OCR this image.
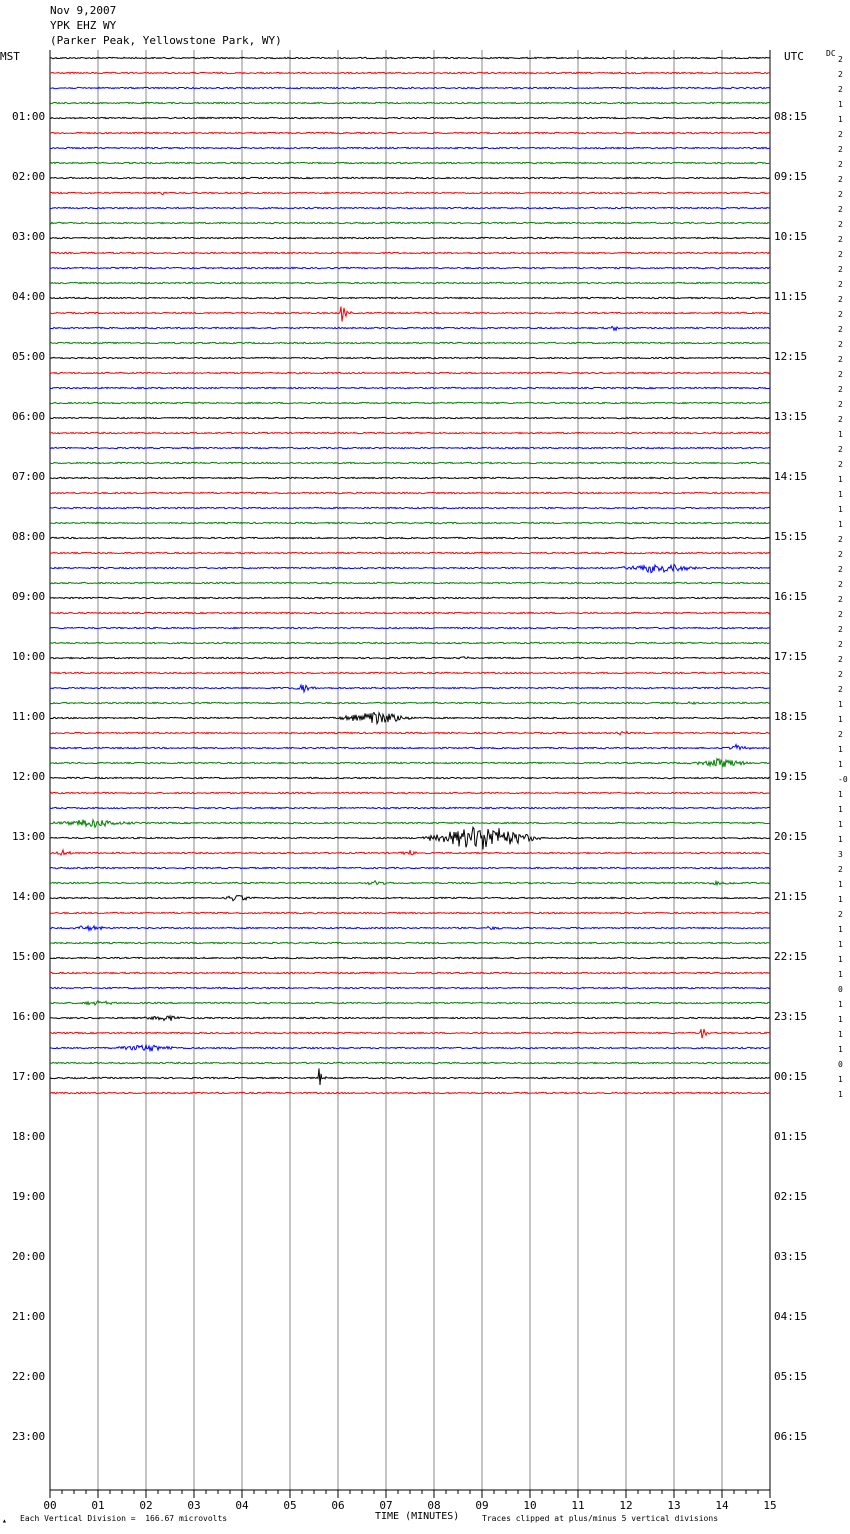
Nov 9,2007
YPK EHZ WY
(Parker Peak, Yellowstone Park, WY)
00	01	02	03	04	05	06	07	08	09	10	11	12	13	14	15
MST	UTC	DC
01:00
02:00
03:00
04:00
05:00
06:00
07:00
08:00
09:00
10:00
11:00
12:00
13:00
14:00
15:00
16:00
17:00
18:00
19:00
20:00
21:00
22:00
23:00
08:15
09:15
10:15
11:15
12:15
13:15
14:15
15:15
16:15
17:15
18:15
19:15
20:15
21:15
22:15
23:15
00:15
01:15
02:15
03:15
04:15
05:15
06:15
2
2
2
1
1
2
2
2
2
2
2
2
2
2
2
2
2
2
2
2
2
2
2
2
2
1
2
2
1
1
1
1
2
2
2
2
2
2
2
2
2
2
2
1
1
2
1
1
-0
1
1
1
1
3
2
1
1
2
1
1
1
1
0
1
1
1
1
0
1
1
▴ Each Vertical Division =  166.67 microvolts	TIME (MINUTES)	Traces clipped at plus/minus 5 vertical divisions
